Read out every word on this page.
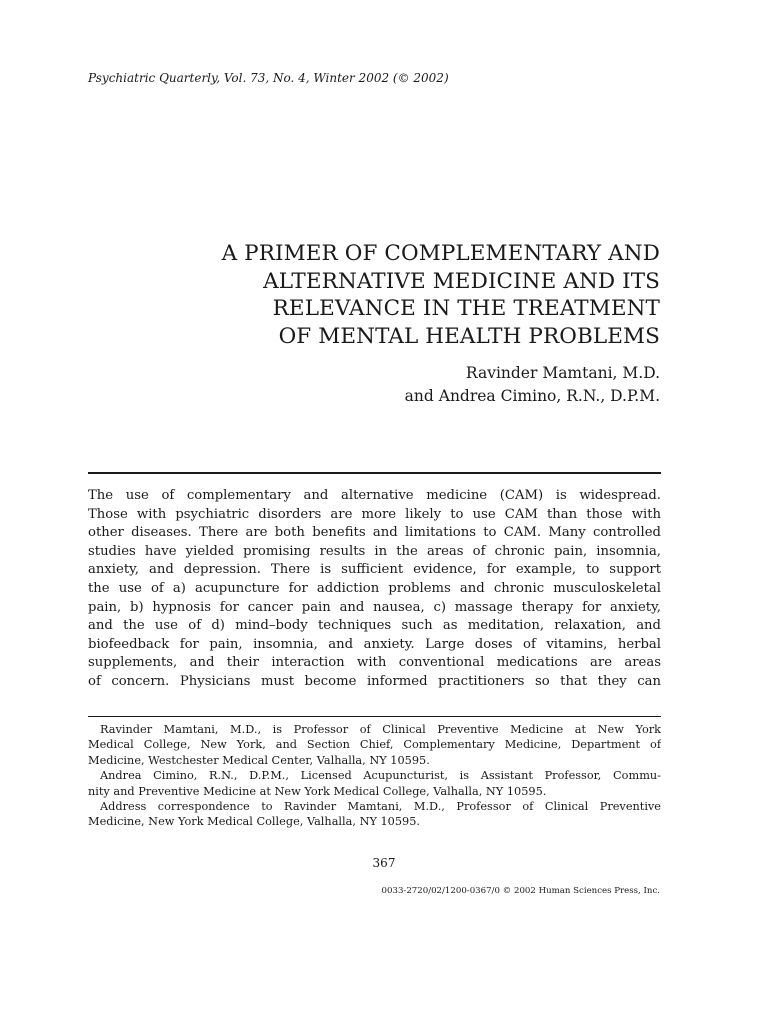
Psychiatric Quarterly, Vol. 73, No. 4, Winter 2002 (© 2002)
A PRIMER OF COMPLEMENTARY AND
ALTERNATIVE MEDICINE AND ITS
RELEVANCE IN THE TREATMENT
OF MENTAL HEALTH PROBLEMS
Ravinder Mamtani, M.D.
and Andrea Cimino, R.N., D.P.M.
The use of complementary and alternative medicine (CAM) is widespread.
Those with psychiatric disorders are more likely to use CAM than those with
other diseases. There are both benefits and limitations to CAM. Many controlled
studies have yielded promising results in the areas of chronic pain, insomnia,
anxiety, and depression. There is sufficient evidence, for example, to support
the use of a) acupuncture for addiction problems and chronic musculoskeletal
pain, b) hypnosis for cancer pain and nausea, c) massage therapy for anxiety,
and the use of d) mind–body techniques such as meditation, relaxation, and
biofeedback for pain, insomnia, and anxiety. Large doses of vitamins, herbal
supplements, and their interaction with conventional medications are areas
of concern. Physicians must become informed practitioners so that they can
Ravinder Mamtani, M.D., is Professor of Clinical Preventive Medicine at New York
Medical College, New York, and Section Chief, Complementary Medicine, Department of
Medicine, Westchester Medical Center, Valhalla, NY 10595.
Andrea Cimino, R.N., D.P.M., Licensed Acupuncturist, is Assistant Professor, Commu-
nity and Preventive Medicine at New York Medical College, Valhalla, NY 10595.
Address correspondence to Ravinder Mamtani, M.D., Professor of Clinical Preventive
Medicine, New York Medical College, Valhalla, NY 10595.
367
0033-2720/02/1200-0367/0 © 2002 Human Sciences Press, Inc.
